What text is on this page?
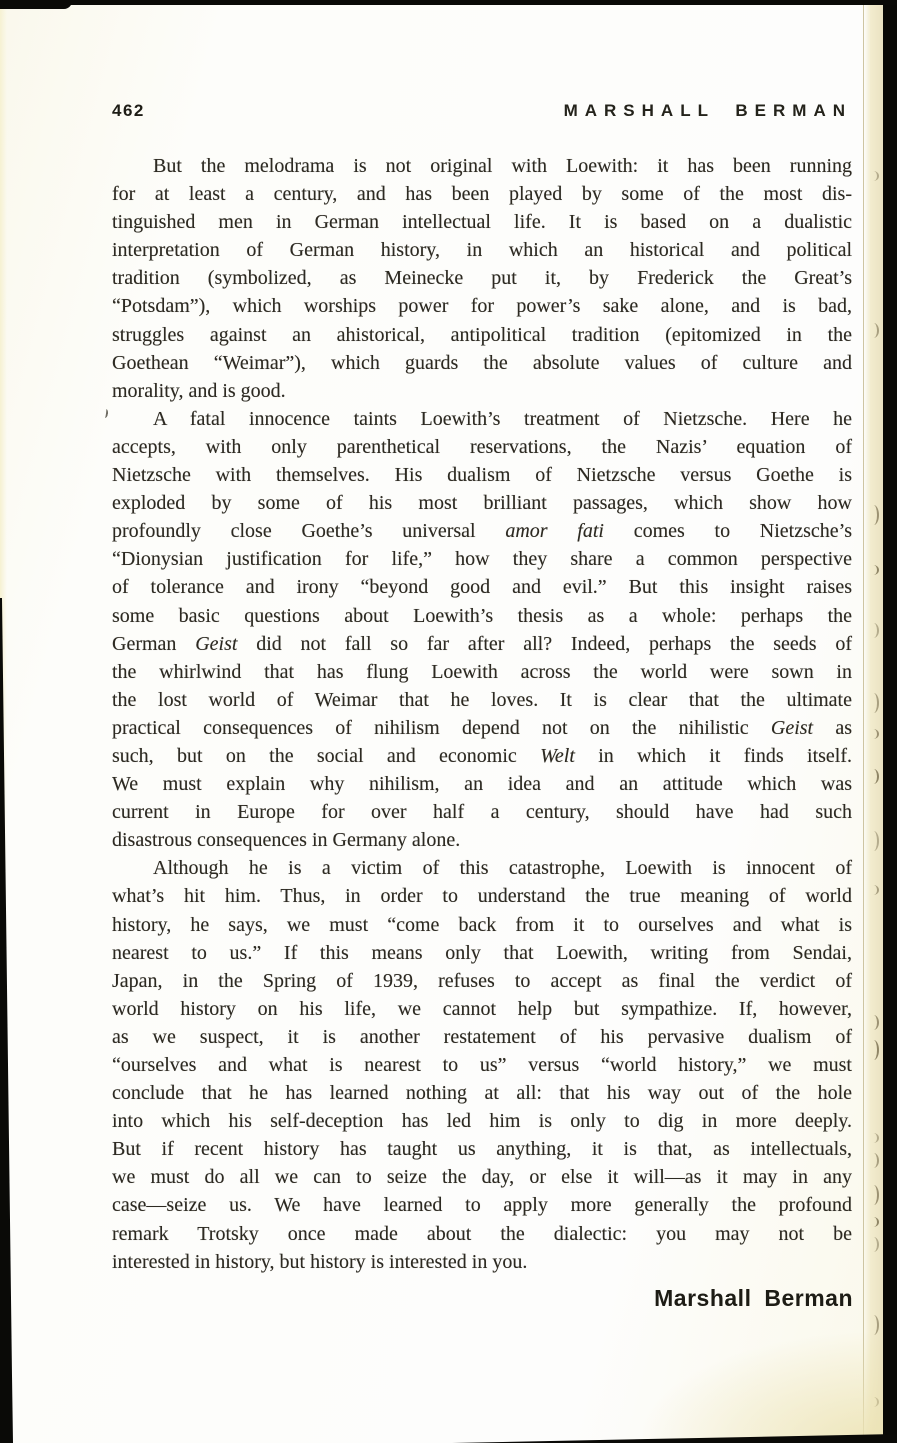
462	MARSHALL BERMAN
But the melodrama is not original with Loewith: it has been running
for at least a century, and has been played by some of the most dis-
tinguished men in German intellectual life. It is based on a dualistic
interpretation of German history, in which an historical and political
tradition (symbolized, as Meinecke put it, by Frederick the Great’s
“Potsdam”), which worships power for power’s sake alone, and is bad,
struggles against an ahistorical, antipolitical tradition (epitomized in the
Goethean “Weimar”), which guards the absolute values of culture and
morality, and is good.
A fatal innocence taints Loewith’s treatment of Nietzsche. Here he
accepts, with only parenthetical reservations, the Nazis’ equation of
Nietzsche with themselves. His dualism of Nietzsche versus Goethe is
exploded by some of his most brilliant passages, which show how
profoundly close Goethe’s universal amor fati comes to Nietzsche’s
“Dionysian justification for life,” how they share a common perspective
of tolerance and irony “beyond good and evil.” But this insight raises
some basic questions about Loewith’s thesis as a whole: perhaps the
German Geist did not fall so far after all? Indeed, perhaps the seeds of
the whirlwind that has flung Loewith across the world were sown in
the lost world of Weimar that he loves. It is clear that the ultimate
practical consequences of nihilism depend not on the nihilistic Geist as
such, but on the social and economic Welt in which it finds itself.
We must explain why nihilism, an idea and an attitude which was
current in Europe for over half a century, should have had such
disastrous consequences in Germany alone.
Although he is a victim of this catastrophe, Loewith is innocent of
what’s hit him. Thus, in order to understand the true meaning of world
history, he says, we must “come back from it to ourselves and what is
nearest to us.” If this means only that Loewith, writing from Sendai,
Japan, in the Spring of 1939, refuses to accept as final the verdict of
world history on his life, we cannot help but sympathize. If, however,
as we suspect, it is another restatement of his pervasive dualism of
“ourselves and what is nearest to us” versus “world history,” we must
conclude that he has learned nothing at all: that his way out of the hole
into which his self-deception has led him is only to dig in more deeply.
But if recent history has taught us anything, it is that, as intellectuals,
we must do all we can to seize the day, or else it will—as it may in any
case—seize us. We have learned to apply more generally the profound
remark Trotsky once made about the dialectic: you may not be
interested in history, but history is interested in you.
Marshall Berman
